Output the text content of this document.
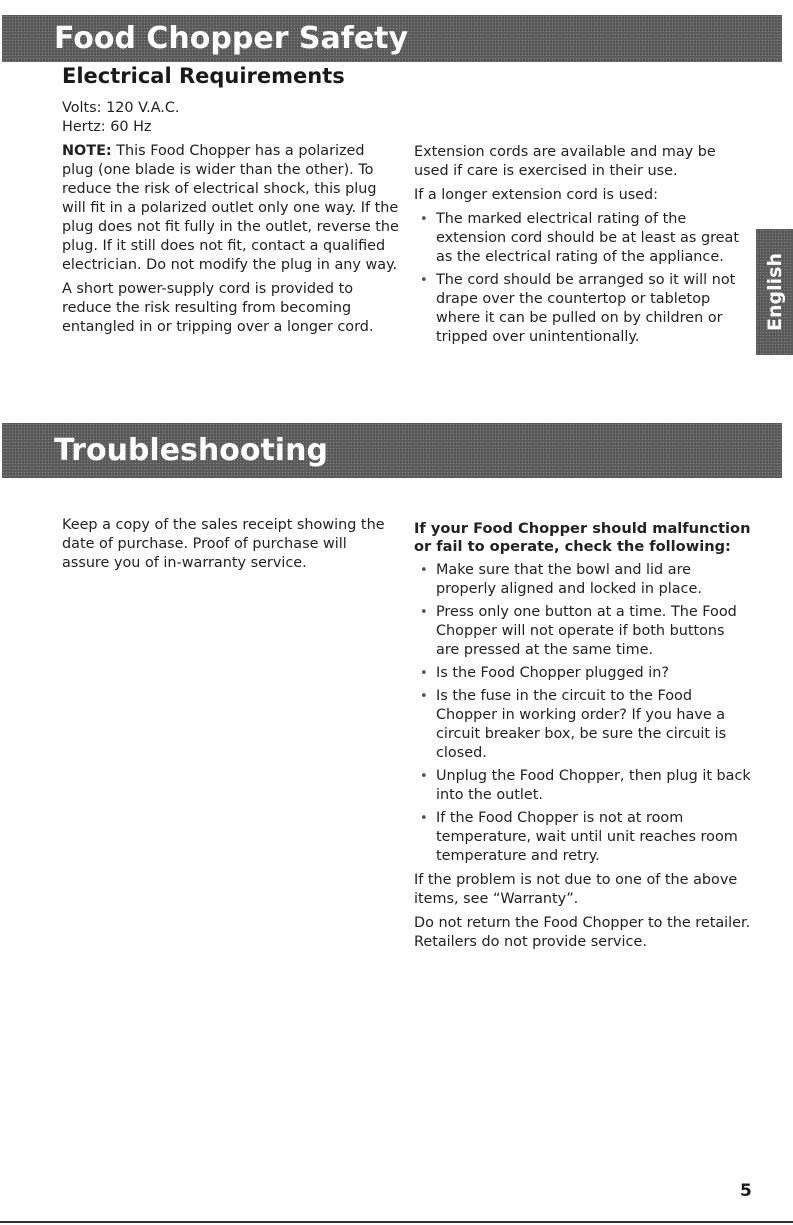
Food Chopper Safety
Electrical Requirements

Volts: 120 V.A.C.

Hertz: 60 Hz

NOTE: This Food Chopper has a polarized plug (one blade is wider than the other). To reduce the risk of electrical shock, this plug will fit in a polarized outlet only one way. If the plug does not fit fully in the outlet, reverse the plug. If it still does not fit, contact a qualified electrician. Do not modify the plug in any way.

A short power-supply cord is provided to reduce the risk resulting from becoming entangled in or tripping over a longer cord.

Extension cords are available and may be used if care is exercised in their use.

If a longer extension cord is used:

• The marked electrical rating of the extension cord should be at least as great as the electrical rating of the appliance.
• The cord should be arranged so it will not drape over the countertop or tabletop where it can be pulled on by children or tripped over unintentionally.
English
Troubleshooting

Keep a copy of the sales receipt showing the date of purchase. Proof of purchase will assure you of in-warranty service.

If your Food Chopper should malfunction or fail to operate, check the following:

• Make sure that the bowl and lid are properly aligned and locked in place.
• Press only one button at a time. The Food Chopper will not operate if both buttons are pressed at the same time.
• Is the Food Chopper plugged in?
• Is the fuse in the circuit to the Food Chopper in working order? If you have a circuit breaker box, be sure the circuit is closed.
• Unplug the Food Chopper, then plug it back into the outlet.
• If the Food Chopper is not at room temperature, wait until unit reaches room temperature and retry.

If the problem is not due to one of the above items, see “Warranty”.

Do not return the Food Chopper to the retailer. Retailers do not provide service.

5
